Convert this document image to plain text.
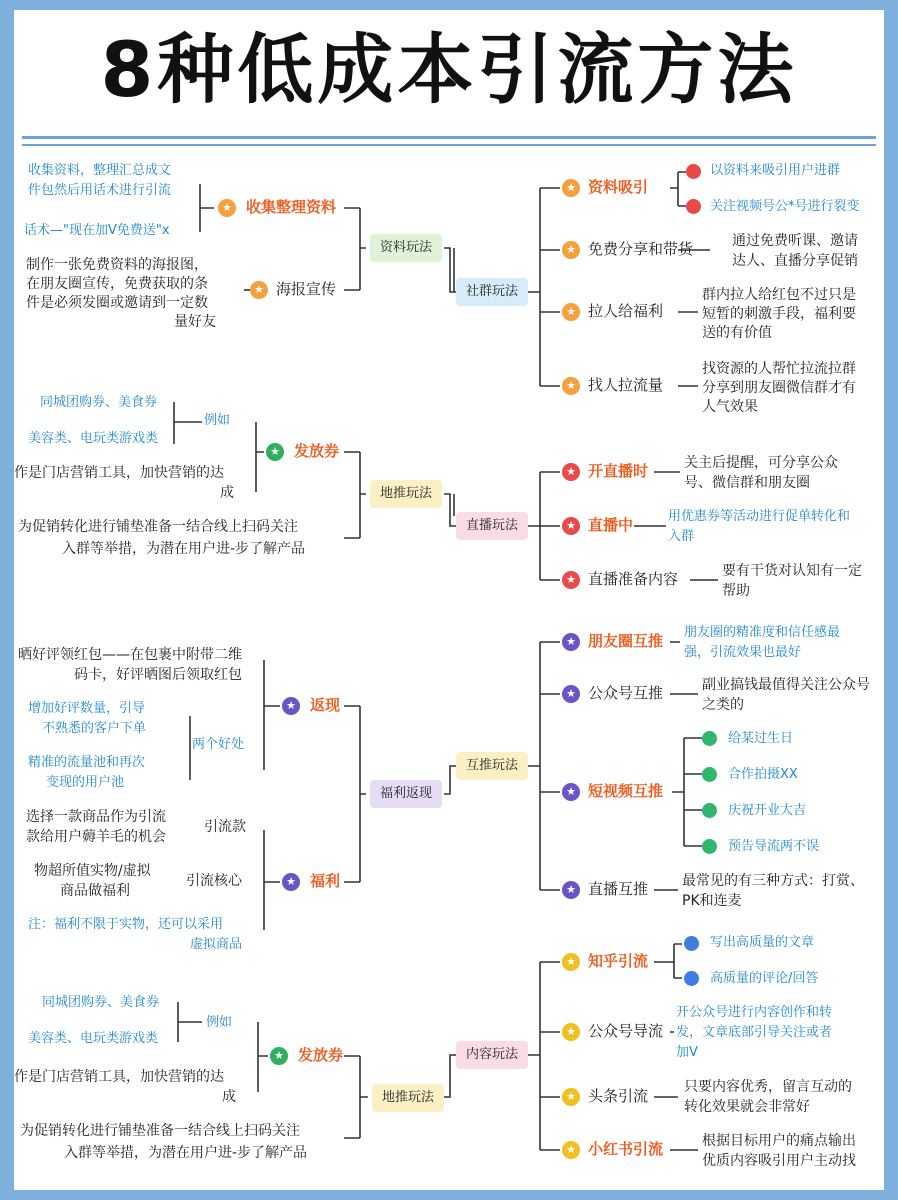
8种低成本引流方法
收集资料，整理汇总成文
件包然后用话术进行引流
话术—"现在加V免费送"x
★ 收集整理资料
制作一张免费资料的海报图，
在朋友圈宣传，免费获取的条
件是必须发圈或邀请到一定数
量好友
★ 海报宣传
资料玩法
同城团购券、美食券
美容类、电玩类游戏类
例如
作是门店营销工具，加快营销的达
成
为促销转化进行铺垫准备一结合线上扫码关注
入群等举措，为潜在用户进-步了解产品
★ 发放券
地推玩法
晒好评领红包——在包裹中附带二维
码卡，好评晒图后领取红包
增加好评数量，引导
不熟悉的客户下单
精准的流量池和再次
变现的用户池
两个好处
★ 返现
选择一款商品作为引流
款给用户薅羊毛的机会
引流款
物超所值实物/虚拟
商品做福利
引流核心
注：福利不限于实物，还可以采用
虚拟商品
★ 福利
福利返现
同城团购券、美食券
美容类、电玩类游戏类
例如
作是门店营销工具，加快营销的达
成
为促销转化进行铺垫准备一结合线上扫码关注
入群等举措，为潜在用户进-步了解产品
★ 发放券
地推玩法
社群玩法
直播玩法
互推玩法
内容玩法
★ 资料吸引
以资料来吸引用户进群
关注视频号公*号进行裂变
★ 免费分享和带货	通过免费听课、邀请
达人、直播分享促销
★ 拉人给福利
群内拉人给红包不过只是
短暂的刺激手段，福利要
送的有价值
★ 找人拉流量
找资源的人帮忙拉流拉群
分享到朋友圈微信群才有
人气效果
★ 开直播时	关主后提醒，可分享公众
号、微信群和朋友圈
★ 直播中	用优惠券等活动进行促单转化和
入群
★ 直播准备内容	要有干货对认知有一定
帮助
★ 朋友圈互推 朋友圈的精准度和信任感最
强，引流效果也最好
★ 公众号互推	副业搞钱最值得关注公众号
之类的
★ 短视频互推
给某过生日
合作拍摄XX
庆祝开业大吉
预告导流两不误
★ 直播互推 最常见的有三种方式：打赏、
PK和连麦
★ 知乎引流
写出高质量的文章
高质量的评论/回答
★ 公众号导流
开公众号进行内容创作和转
发，文章底部引导关注或者
加V
★ 头条引流	只要内容优秀，留言互动的
转化效果就会非常好
★ 小红书引流	根据目标用户的痛点输出
优质内容吸引用户主动找
